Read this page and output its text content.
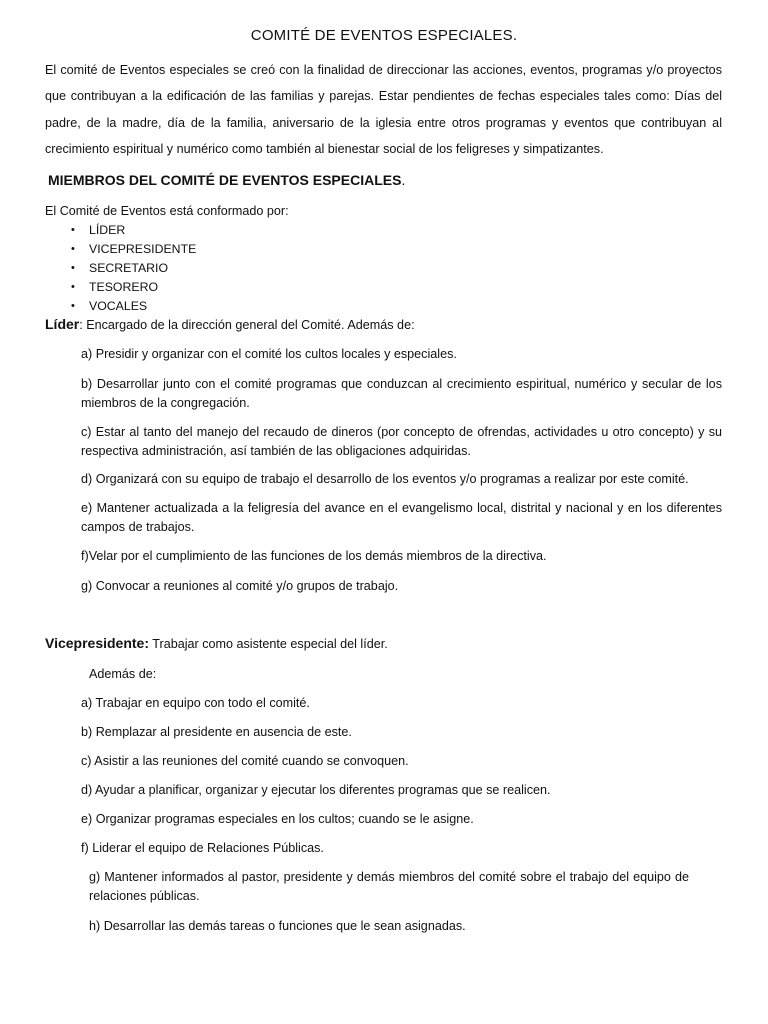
COMITÉ DE EVENTOS ESPECIALES.
El comité de Eventos especiales se creó con la finalidad de direccionar las acciones, eventos, programas y/o proyectos que contribuyan a la edificación de las familias y parejas. Estar pendientes de fechas especiales tales como: Días del padre, de la madre, día de la familia, aniversario de la iglesia entre otros programas y eventos que contribuyan al crecimiento espiritual y numérico como también al bienestar social de los feligreses y simpatizantes.
MIEMBROS DEL COMITÉ DE EVENTOS ESPECIALES.
El Comité de Eventos está conformado por:
• LÍDER
• VICEPRESIDENTE
• SECRETARIO
• TESORERO
• VOCALES
Líder: Encargado de la dirección general del Comité. Además de:
a) Presidir y organizar con el comité los cultos locales y especiales.
b) Desarrollar junto con el comité programas que conduzcan al crecimiento espiritual, numérico y secular de los miembros de la congregación.
c) Estar al tanto del manejo del recaudo de dineros (por concepto de ofrendas, actividades u otro concepto) y su respectiva administración, así también de las obligaciones adquiridas.
d) Organizará con su equipo de trabajo el desarrollo de los eventos y/o programas a realizar por este comité.
e) Mantener actualizada a la feligresía del avance en el evangelismo local, distrital y nacional y en los diferentes campos de trabajos.
f)Velar por el cumplimiento de las funciones de los demás miembros de la directiva.
g) Convocar a reuniones al comité y/o grupos de trabajo.
Vicepresidente: Trabajar como asistente especial del líder.
Además de:
a) Trabajar en equipo con todo el comité.
b) Remplazar al presidente en ausencia de este.
c) Asistir a las reuniones del comité cuando se convoquen.
d) Ayudar a planificar, organizar y ejecutar los diferentes programas que se realicen.
e) Organizar programas especiales en los cultos; cuando se le asigne.
f) Liderar el equipo de Relaciones Públicas.
g) Mantener informados al pastor, presidente y demás miembros del comité sobre el trabajo del equipo de relaciones públicas.
h) Desarrollar las demás tareas o funciones que le sean asignadas.
